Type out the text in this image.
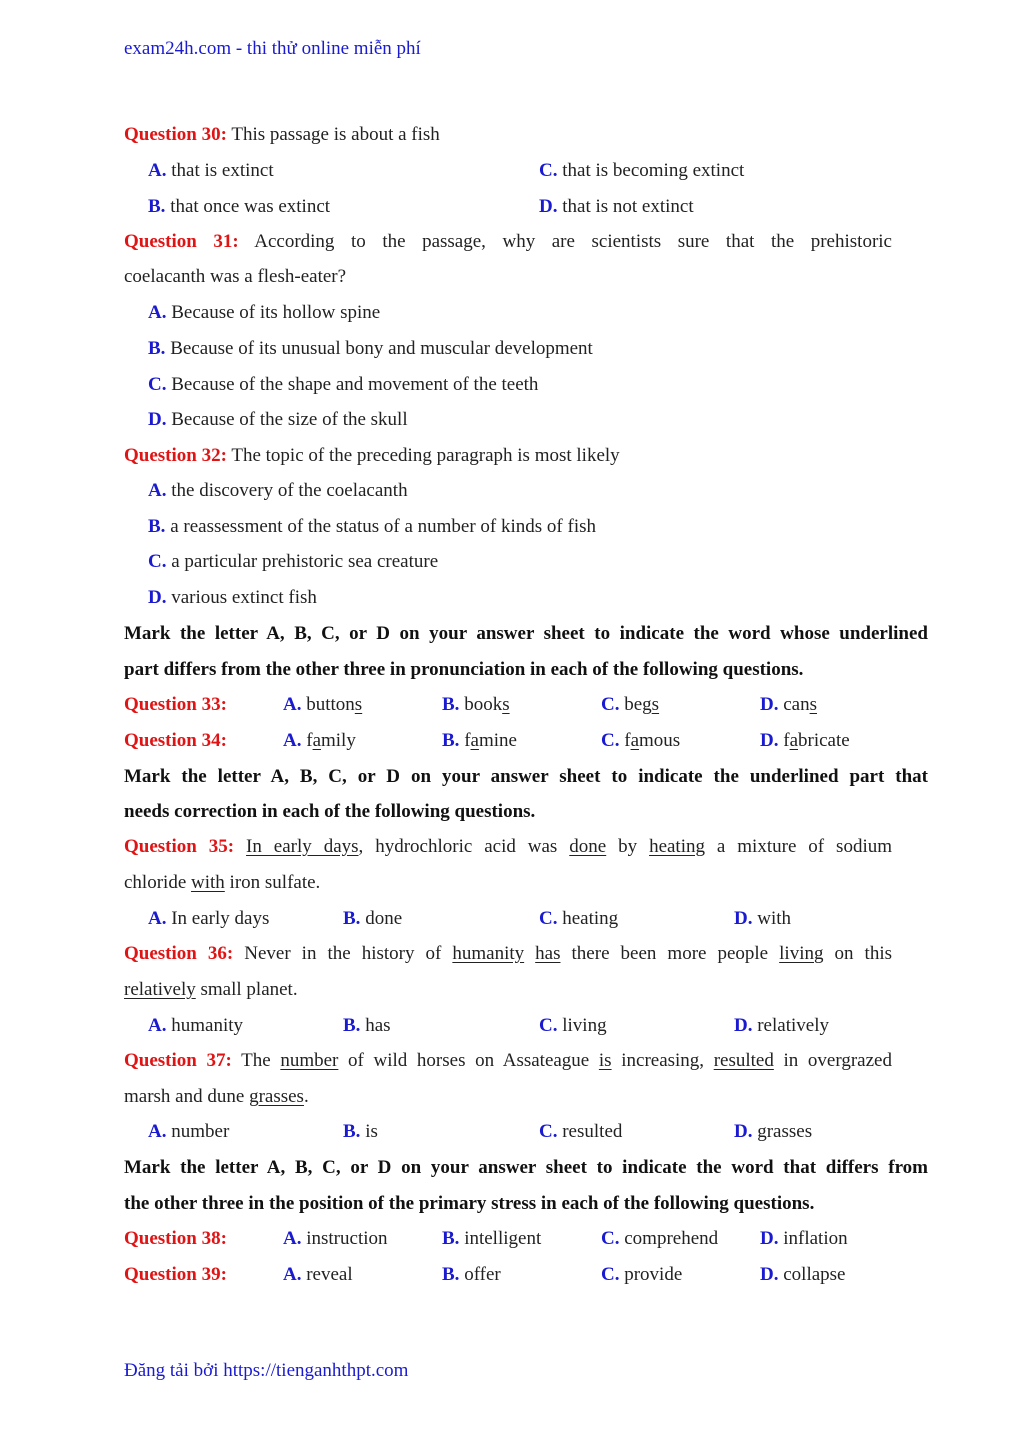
exam24h.com - thi thử online miễn phí
Question 30: This passage is about a fish
A. that is extinct	C. that is becoming extinct
B. that once was extinct	D. that is not extinct
Question 31: According to the passage, why are scientists sure that the prehistoric
coelacanth was a flesh-eater?
A. Because of its hollow spine
B. Because of its unusual bony and muscular development
C. Because of the shape and movement of the teeth
D. Because of the size of the skull
Question 32: The topic of the preceding paragraph is most likely
A. the discovery of the coelacanth
B. a reassessment of the status of a number of kinds of fish
C. a particular prehistoric sea creature
D. various extinct fish
Mark the letter A, B, C, or D on your answer sheet to indicate the word whose underlined
part differs from the other three in pronunciation in each of the following questions.
Question 33:	A. buttons	B. books	C. begs	D. cans
Question 34:	A. family	B. famine	C. famous	D. fabricate
Mark the letter A, B, C, or D on your answer sheet to indicate the underlined part that
needs correction in each of the following questions.
Question 35: In early days, hydrochloric acid was done by heating a mixture of sodium
chloride with iron sulfate.
A. In early days	B. done	C. heating	D. with
Question 36: Never in the history of humanity has there been more people living on this
relatively small planet.
A. humanity	B. has	C. living	D. relatively
Question 37: The number of wild horses on Assateague is increasing, resulted in overgrazed
marsh and dune grasses.
A. number	B. is	C. resulted	D. grasses
Mark the letter A, B, C, or D on your answer sheet to indicate the word that differs from
the other three in the position of the primary stress in each of the following questions.
Question 38:	A. instruction	B. intelligent	C. comprehend D. inflation
Question 39:	A. reveal	B. offer	C. provide	D. collapse
Đăng tải bởi https://tienganhthpt.com
